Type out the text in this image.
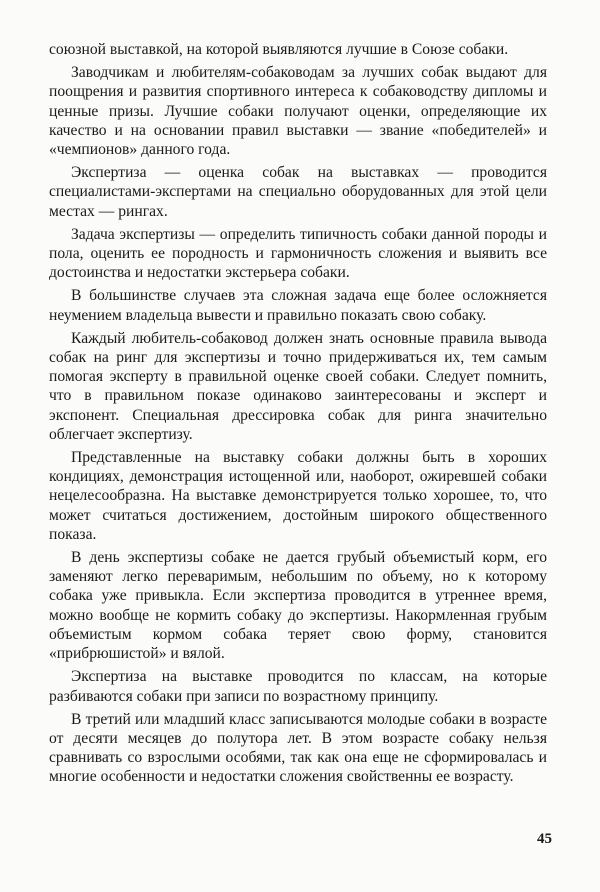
союзной выставкой, на которой выявляются лучшие в Союзе собаки.

Заводчикам и любителям-собаководам за лучших собак выдают для поощрения и развития спортивного интереса к собаководству дипломы и ценные призы. Лучшие собаки получают оценки, определяющие их качество и на основании правил выставки — звание «победителей» и «чемпионов» данного года.

Экспертиза — оценка собак на выставках — проводится специалистами-экспертами на специально оборудованных для этой цели местах — рингах.

Задача экспертизы — определить типичность собаки данной породы и пола, оценить ее породность и гармоничность сложения и выявить все достоинства и недостатки экстерьера собаки.

В большинстве случаев эта сложная задача еще более осложняется неумением владельца вывести и правильно показать свою собаку.

Каждый любитель-собаковод должен знать основные правила вывода собак на ринг для экспертизы и точно придерживаться их, тем самым помогая эксперту в правильной оценке своей собаки. Следует помнить, что в правильном показе одинаково заинтересованы и эксперт и экспонент. Специальная дрессировка собак для ринга значительно облегчает экспертизу.

Представленные на выставку собаки должны быть в хороших кондициях, демонстрация истощенной или, наоборот, ожиревшей собаки нецелесообразна. На выставке демонстрируется только хорошее, то, что может считаться достижением, достойным широкого общественного показа.

В день экспертизы собаке не дается грубый объемистый корм, его заменяют легко переваримым, небольшим по объему, но к которому собака уже привыкла. Если экспертиза проводится в утреннее время, можно вообще не кормить собаку до экспертизы. Накормленная грубым объемистым кормом собака теряет свою форму, становится «прибрюшистой» и вялой.

Экспертиза на выставке проводится по классам, на которые разбиваются собаки при записи по возрастному принципу.

В третий или младший класс записываются молодые собаки в возрасте от десяти месяцев до полутора лет. В этом возрасте собаку нельзя сравнивать со взрослыми особями, так как она еще не сформировалась и многие особенности и недостатки сложения свойственны ее возрасту.

45
